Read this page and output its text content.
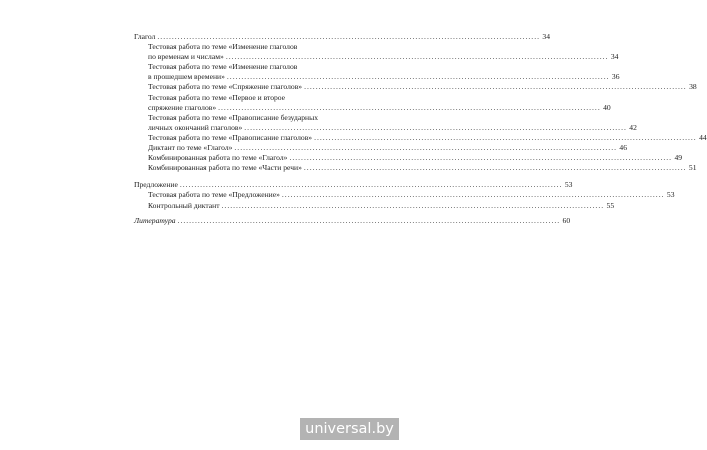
Глагол .................................................................................................................................... 34
Тестовая работа по теме «Изменение глаголов
по временам и числам» .................................................................................................................................... 34
Тестовая работа по теме «Изменение глаголов
в прошедшем времени» .................................................................................................................................... 36
Тестовая работа по теме «Спряжение глаголов» .................................................................................................................................... 38
Тестовая работа по теме «Первое и второе
спряжение глаголов» .................................................................................................................................... 40
Тестовая работа по теме «Правописание безударных
личных окончаний глаголов» .................................................................................................................................... 42
Тестовая работа по теме «Правописание глаголов» .................................................................................................................................... 44
Диктант по теме «Глагол» .................................................................................................................................... 46
Комбинированная работа по теме «Глагол» .................................................................................................................................... 49
Комбинированная работа по теме «Части речи» .................................................................................................................................... 51
Предложение .................................................................................................................................... 53
Тестовая работа по теме «Предложение» .................................................................................................................................... 53
Контрольный диктант .................................................................................................................................... 55
Литература .................................................................................................................................... 60
universal.by
